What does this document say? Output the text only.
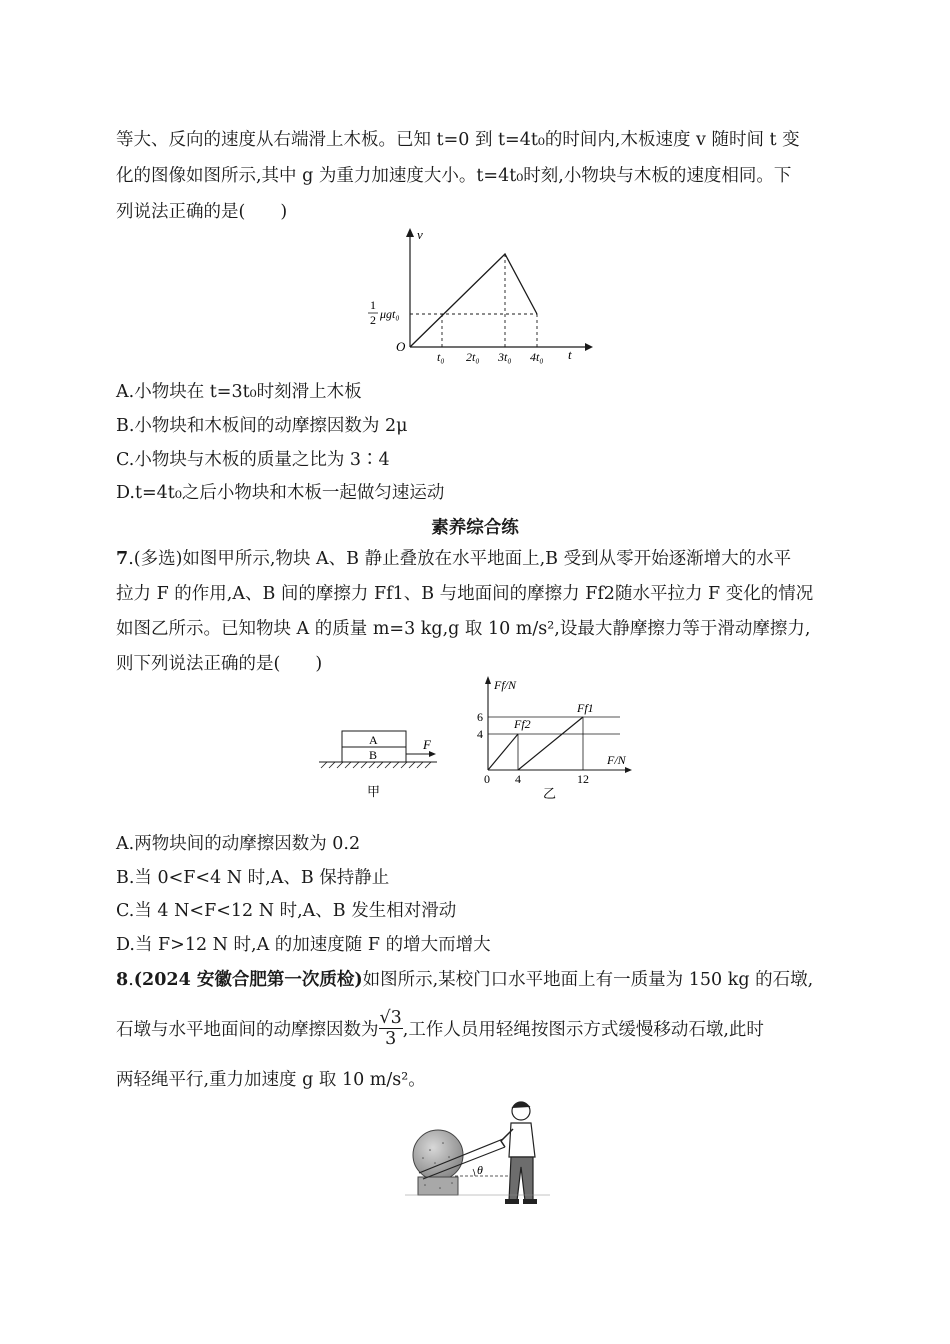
等大、反向的速度从右端滑上木板。已知 t=0 到 t=4t₀的时间内,木板速度 v 随时间 t 变
化的图像如图所示,其中 g 为重力加速度大小。t=4t₀时刻,小物块与木板的速度相同。下
列说法正确的是(　　)
v
t
O
1
2 μgt₀
t₀ 2t₀ 3t₀ 4t₀
A.小物块在 t=3t₀时刻滑上木板
B.小物块和木板间的动摩擦因数为 2μ
C.小物块与木板的质量之比为 3∶4
D.t=4t₀之后小物块和木板一起做匀速运动
素养综合练
7.(多选)如图甲所示,物块 A、B 静止叠放在水平地面上,B 受到从零开始逐渐增大的水平
拉力 F 的作用,A、B 间的摩擦力 Ff1、B 与地面间的摩擦力 Ff2随水平拉力 F 变化的情况
如图乙所示。已知物块 A 的质量 m=3 kg,g 取 10 m/s²,设最大静摩擦力等于滑动摩擦力,
则下列说法正确的是(　　)
A
B
F
甲
Ff/N
F/N
Ff1
Ff2
6
4
0 4	12
乙
A.两物块间的动摩擦因数为 0.2
B.当 0<F<4 N 时,A、B 保持静止
C.当 4 N<F<12 N 时,A、B 发生相对滑动
D.当 F>12 N 时,A 的加速度随 F 的增大而增大
8.(2024 安徽合肥第一次质检)如图所示,某校门口水平地面上有一质量为 150 kg 的石墩,
石墩与水平地面间的动摩擦因数为 $\frac{√3}{3}$ ,工作人员用轻绳按图示方式缓慢移动石墩,此时
两轻绳平行,重力加速度 g 取 10 m/s²。
θ
